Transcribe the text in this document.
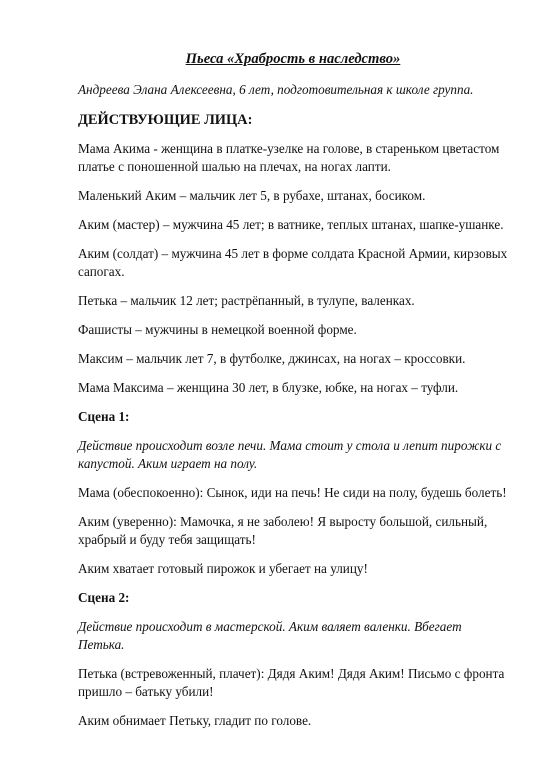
Пьеса «Храбрость в наследство»
Андреева Элана Алексеевна, 6 лет, подготовительная к школе группа.
ДЕЙСТВУЮЩИЕ ЛИЦА:
Мама Акима - женщина в платке-узелке на голове, в стареньком цветастом платье с поношенной шалью на плечах, на ногах лапти.
Маленький Аким – мальчик лет 5, в рубахе, штанах, босиком.
Аким (мастер) – мужчина 45 лет; в ватнике, теплых штанах, шапке-ушанке.
Аким (солдат) – мужчина 45 лет в форме солдата Красной Армии, кирзовых сапогах.
Петька – мальчик 12 лет; растрёпанный, в тулупе, валенках.
Фашисты – мужчины в немецкой военной форме.
Максим – мальчик лет 7, в футболке, джинсах, на ногах – кроссовки.
Мама Максима – женщина 30 лет, в блузке, юбке, на ногах – туфли.
Сцена 1:
Действие происходит возле печи. Мама стоит у стола и лепит пирожки с капустой. Аким играет на полу.
Мама (обеспокоенно): Сынок, иди на печь! Не сиди на полу, будешь болеть!
Аким (уверенно): Мамочка, я не заболею! Я выросту большой, сильный, храбрый и буду тебя защищать!
Аким хватает готовый пирожок и убегает на улицу!
Сцена 2:
Действие происходит в мастерской. Аким валяет валенки. Вбегает Петька.
Петька (встревоженный, плачет): Дядя Аким! Дядя Аким! Письмо с фронта пришло – батьку убили!
Аким обнимает Петьку, гладит по голове.
